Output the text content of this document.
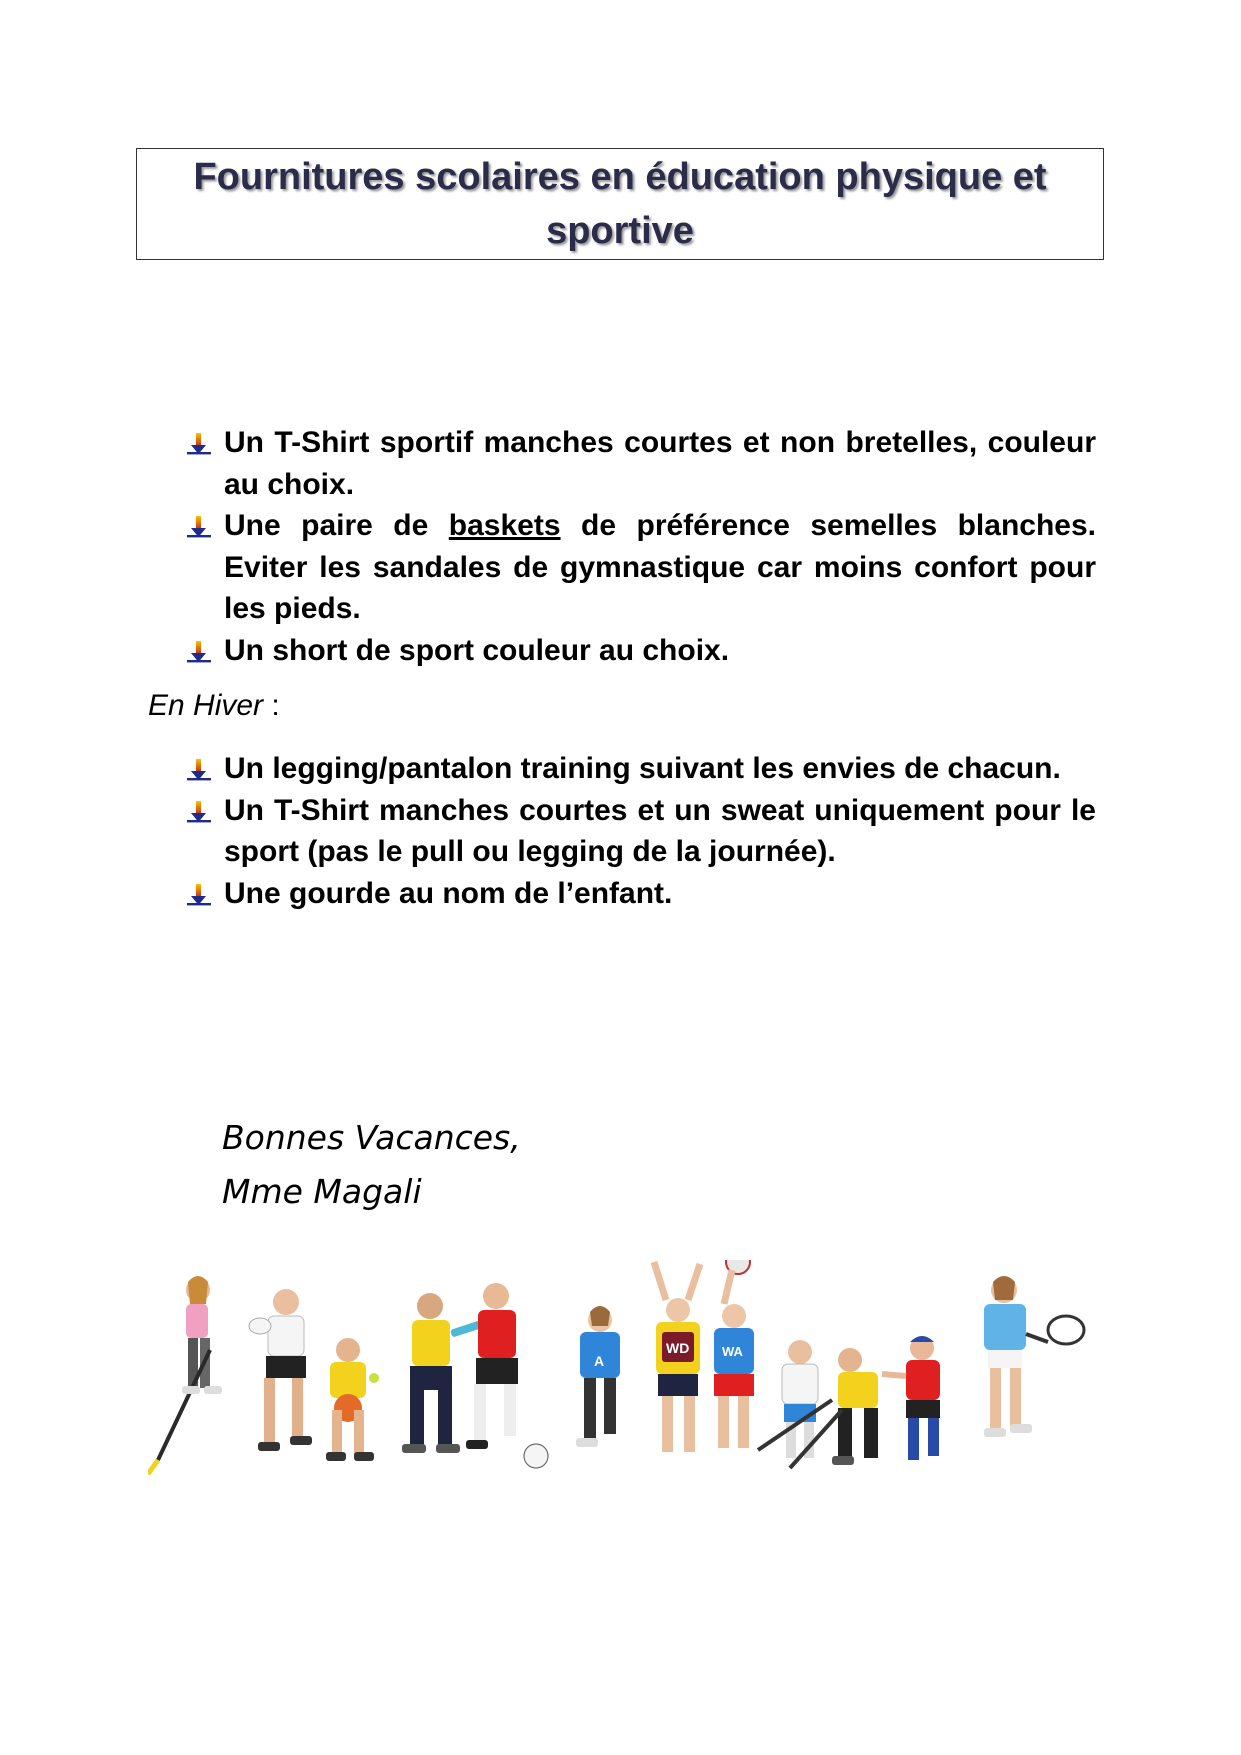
Fournitures scolaires en éducation physique et sportive
Un T-Shirt sportif manches courtes et non bretelles, couleur au choix.
Une paire de baskets de préférence semelles blanches. Eviter les sandales de gymnastique car moins confort pour les pieds.
Un short de sport couleur au choix.
En Hiver :
Un legging/pantalon training suivant les envies de chacun.
Un T-Shirt manches courtes et un sweat uniquement pour le sport (pas le pull ou legging de la journée).
Une gourde au nom de l’enfant.
Bonnes Vacances,
Mme Magali
A
WD	WA
